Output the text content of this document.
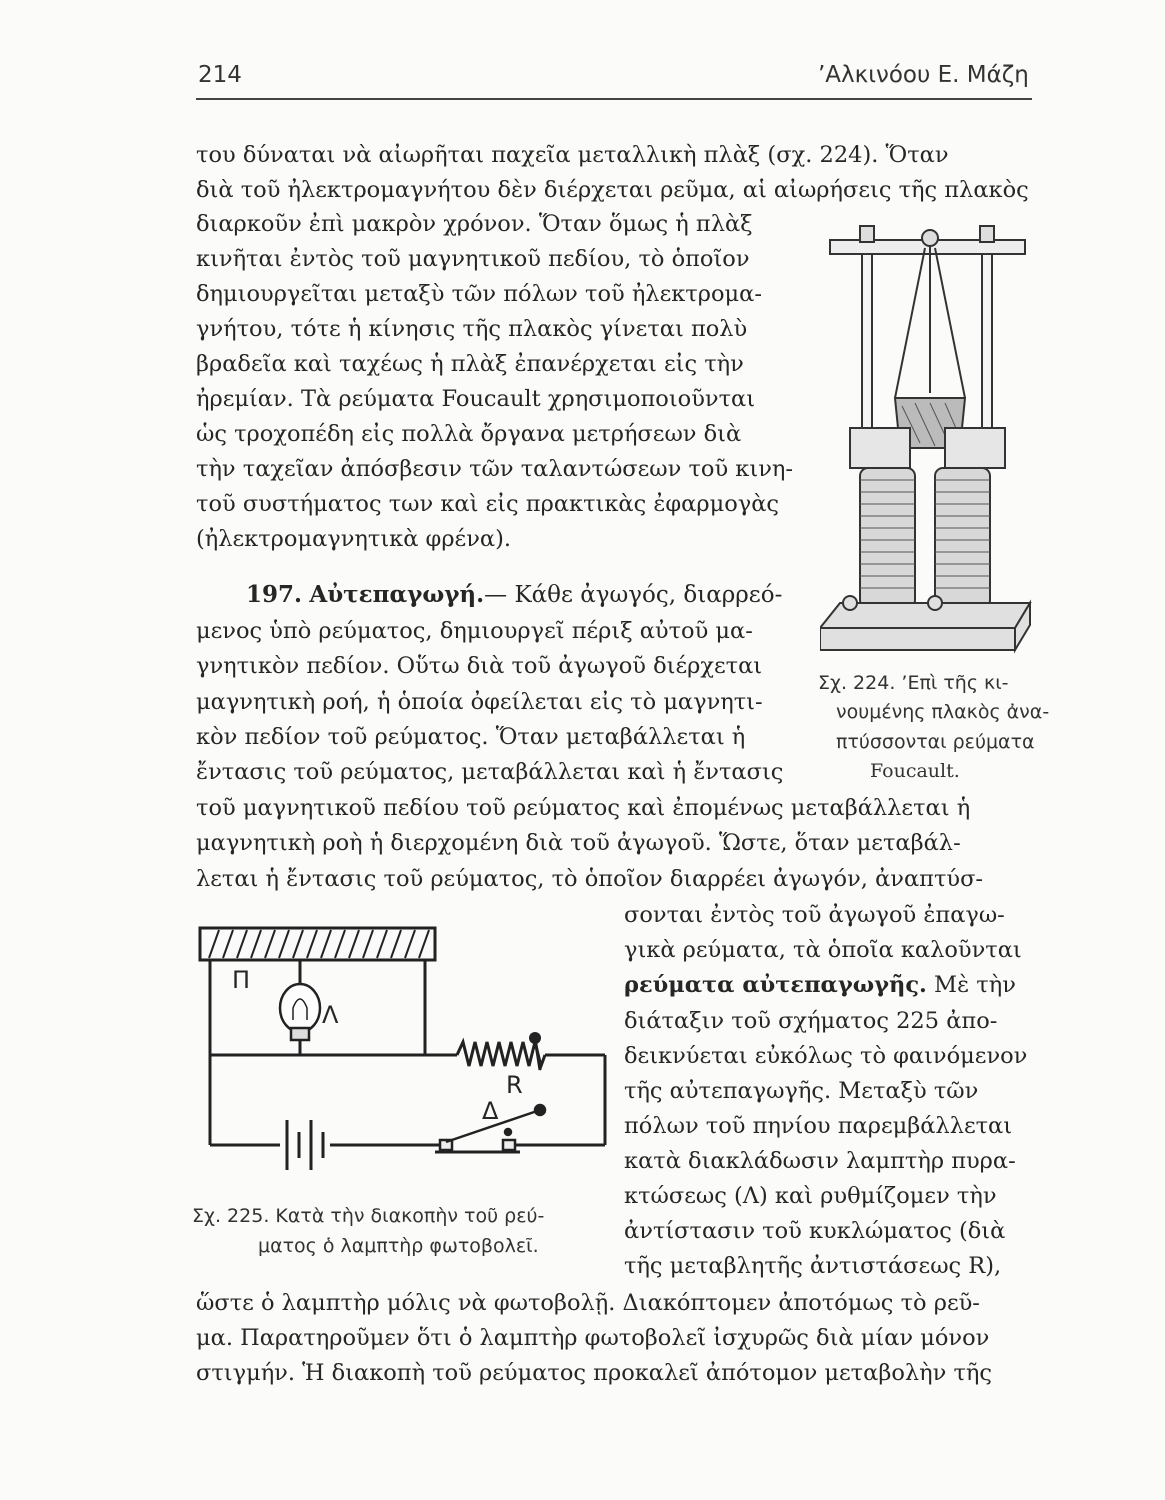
214	’Αλκινόου Ε. Μάζη
του δύναται νὰ αἰωρῆται παχεῖα μεταλλικὴ πλὰξ (σχ. 224). Ὅταν
διὰ τοῦ ἠλεκτρομαγνήτου δὲν διέρχεται ρεῦμα, αἱ αἰωρήσεις τῆς πλακὸς
διαρκοῦν ἐπὶ μακρὸν χρόνον. Ὅταν ὅμως ἡ πλὰξ
κινῆται ἐντὸς τοῦ μαγνητικοῦ πεδίου, τὸ ὁποῖον
δημιουργεῖται μεταξὺ τῶν πόλων τοῦ ἠλεκτρομα-
γνήτου, τότε ἡ κίνησις τῆς πλακὸς γίνεται πολὺ
βραδεῖα καὶ ταχέως ἡ πλὰξ ἐπανέρχεται εἰς τὴν
ἠρεμίαν. Τὰ ρεύματα Foucault χρησιμοποιοῦνται
ὡς τροχοπέδη εἰς πολλὰ ὄργανα μετρήσεων διὰ
τὴν ταχεῖαν ἀπόσβεσιν τῶν ταλαντώσεων τοῦ κινη-
τοῦ συστήματος των καὶ εἰς πρακτικὰς ἐφαρμογὰς
(ἠλεκτρομαγνητικὰ φρένα).
197. Αὐτεπαγωγή.— Κάθε ἀγωγός, διαρρεό-
μενος ὑπὸ ρεύματος, δημιουργεῖ πέριξ αὐτοῦ μα-
γνητικὸν πεδίον. Οὕτω διὰ τοῦ ἀγωγοῦ διέρχεται
μαγνητικὴ ροή, ἡ ὁποία ὀφείλεται εἰς τὸ μαγνητι-
κὸν πεδίον τοῦ ρεύματος. Ὅταν μεταβάλλεται ἡ
ἔντασις τοῦ ρεύματος, μεταβάλλεται καὶ ἡ ἔντασις
τοῦ μαγνητικοῦ πεδίου τοῦ ρεύματος καὶ ἐπομένως μεταβάλλεται ἡ
μαγνητικὴ ροὴ ἡ διερχομένη διὰ τοῦ ἀγωγοῦ. Ὥστε, ὅταν μεταβάλ-
λεται ἡ ἔντασις τοῦ ρεύματος, τὸ ὁποῖον διαρρέει ἀγωγόν, ἀναπτύσ-
σονται ἐντὸς τοῦ ἀγωγοῦ ἐπαγω-
γικὰ ρεύματα, τὰ ὁποῖα καλοῦνται
ρεύματα αὐτεπαγωγῆς. Μὲ τὴν
διάταξιν τοῦ σχήματος 225 ἀπο-
δεικνύεται εὐκόλως τὸ φαινόμενον
τῆς αὐτεπαγωγῆς. Μεταξὺ τῶν
πόλων τοῦ πηνίου παρεμβάλλεται
κατὰ διακλάδωσιν λαμπτὴρ πυρα-
κτώσεως (Λ) καὶ ρυθμίζομεν τὴν
ἀντίστασιν τοῦ κυκλώματος (διὰ
τῆς μεταβλητῆς ἀντιστάσεως R),
ὥστε ὁ λαμπτὴρ μόλις νὰ φωτοβολῇ. Διακόπτομεν ἀποτόμως τὸ ρεῦ-
μα. Παρατηροῦμεν ὅτι ὁ λαμπτὴρ φωτοβολεῖ ἰσχυρῶς διὰ μίαν μόνον
στιγμήν. Ἡ διακοπὴ τοῦ ρεύματος προκαλεῖ ἀπότομον μεταβολὴν τῆς
Σχ. 224. ’Επὶ τῆς κι-
νουμένης πλακὸς ἀνα-
πτύσσονται ρεύματα
Foucault.
Π
Λ
R
Δ
Σχ. 225. Κατὰ τὴν διακοπὴν τοῦ ρεύ-
ματος ὁ λαμπτὴρ φωτοβολεῖ.
